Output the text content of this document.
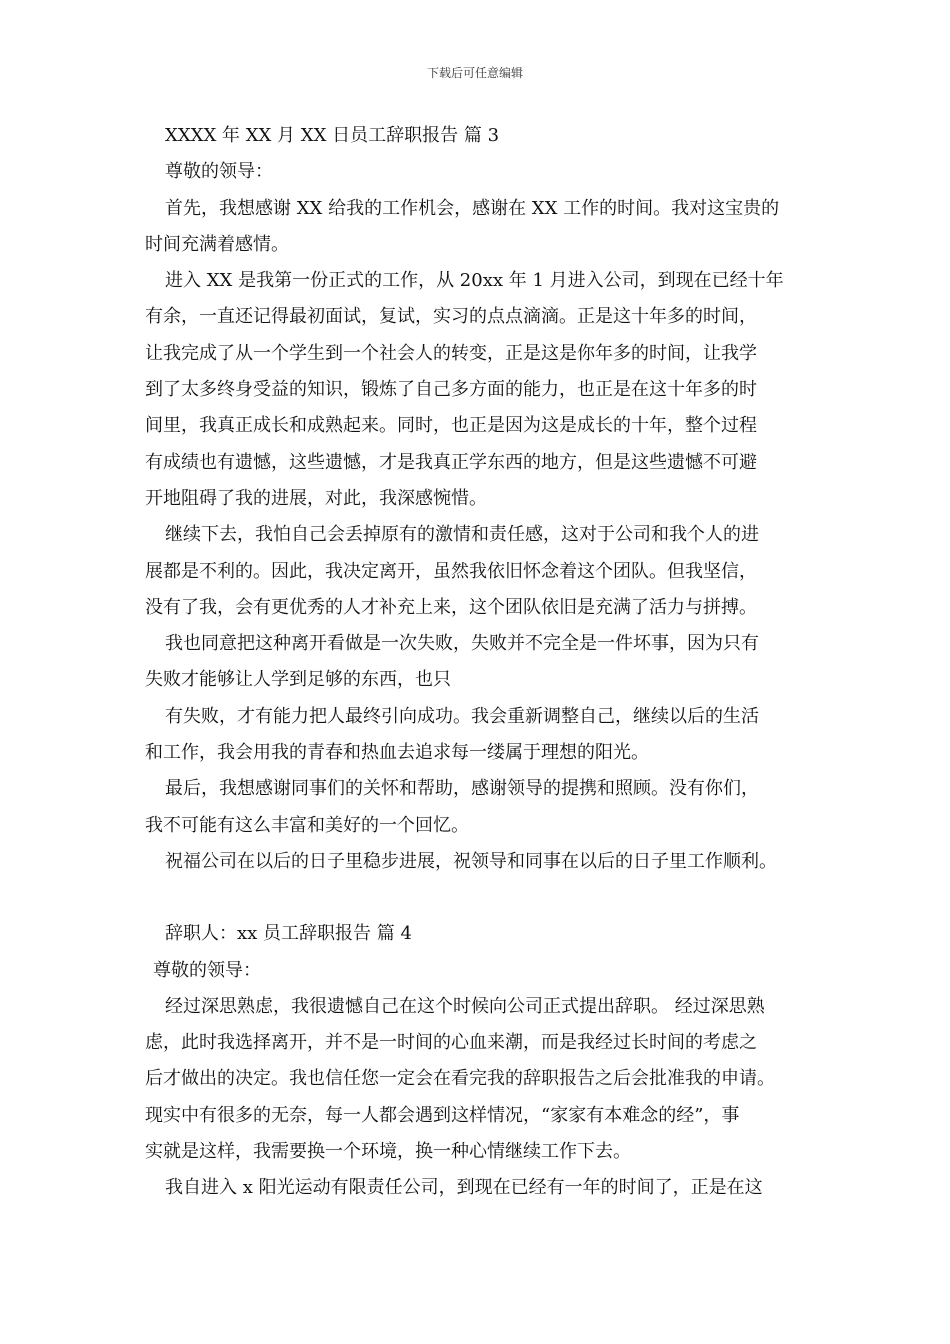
下载后可任意编辑
XXXX 年 XX 月 XX 日员工辞职报告 篇 3
尊敬的领导：
首先，我想感谢 XX 给我的工作机会，感谢在 XX 工作的时间。我对这宝贵的
时间充满着感情。
进入 XX 是我第一份正式的工作，从 20xx 年 1 月进入公司，到现在已经十年
有余，一直还记得最初面试，复试，实习的点点滴滴。正是这十年多的时间，
让我完成了从一个学生到一个社会人的转变，正是这是你年多的时间，让我学
到了太多终身受益的知识，锻炼了自己多方面的能力，也正是在这十年多的时
间里，我真正成长和成熟起来。同时，也正是因为这是成长的十年，整个过程
有成绩也有遗憾，这些遗憾，才是我真正学东西的地方，但是这些遗憾不可避
开地阻碍了我的进展，对此，我深感惋惜。
继续下去，我怕自己会丢掉原有的激情和责任感，这对于公司和我个人的进
展都是不利的。因此，我决定离开，虽然我依旧怀念着这个团队。但我坚信，
没有了我，会有更优秀的人才补充上来，这个团队依旧是充满了活力与拼搏。
我也同意把这种离开看做是一次失败，失败并不完全是一件坏事，因为只有
失败才能够让人学到足够的东西，也只
有失败，才有能力把人最终引向成功。我会重新调整自己，继续以后的生活
和工作，我会用我的青春和热血去追求每一缕属于理想的阳光。
最后，我想感谢同事们的关怀和帮助，感谢领导的提携和照顾。没有你们，
我不可能有这么丰富和美好的一个回忆。
祝福公司在以后的日子里稳步进展，祝领导和同事在以后的日子里工作顺利。
辞职人：xx 员工辞职报告 篇 4
尊敬的领导：
经过深思熟虑，我很遗憾自己在这个时候向公司正式提出辞职。 经过深思熟
虑，此时我选择离开，并不是一时间的心血来潮，而是我经过长时间的考虑之
后才做出的决定。我也信任您一定会在看完我的辞职报告之后会批准我的申请。
现实中有很多的无奈，每一人都会遇到这样情况，“家家有本难念的经”，事
实就是这样，我需要换一个环境，换一种心情继续工作下去。
我自进入 x 阳光运动有限责任公司，到现在已经有一年的时间了，正是在这
